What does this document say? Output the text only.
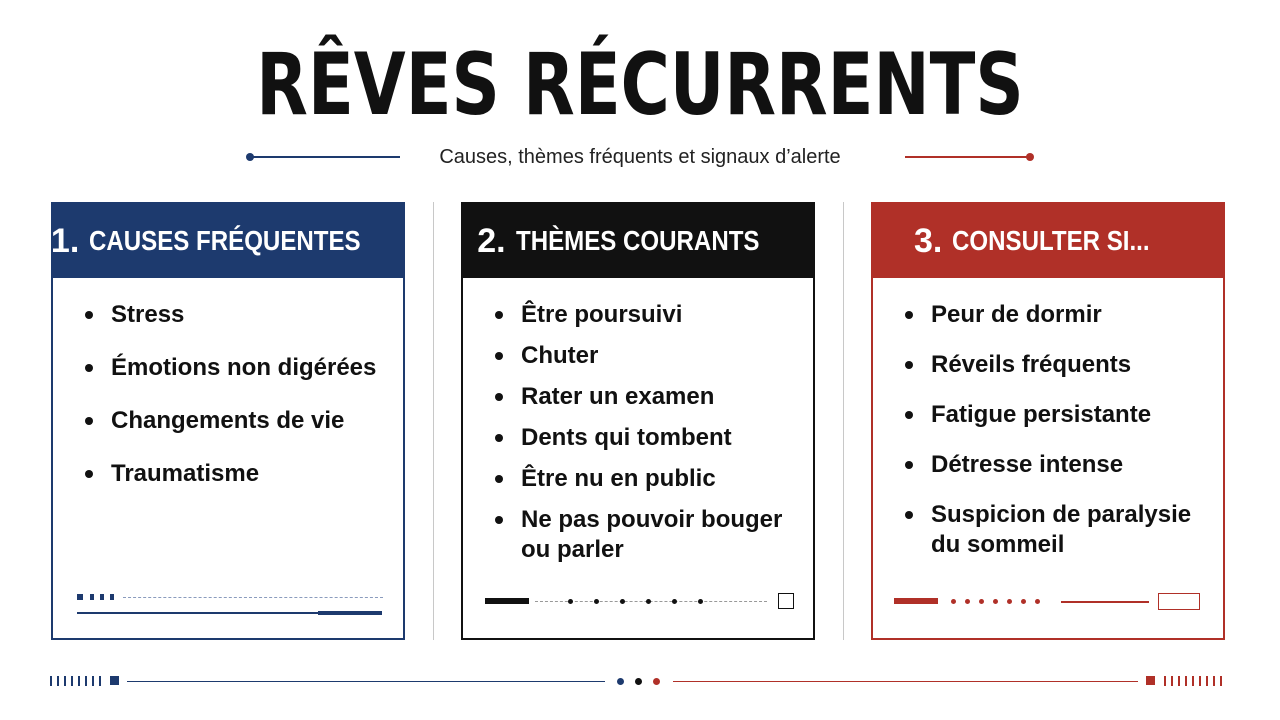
RÊVES RÉCURRENTS
Causes, thèmes fréquents et signaux d’alerte
1. CAUSES FRÉQUENTES
Stress
Émotions non digérées
Changements de vie
Traumatisme
2. THÈMES COURANTS
Être poursuivi
Chuter
Rater un examen
Dents qui tombent
Être nu en public
Ne pas pouvoir bouger
ou parler
3. CONSULTER SI...
Peur de dormir
Réveils fréquents
Fatigue persistante
Détresse intense
Suspicion de paralysie
du sommeil
